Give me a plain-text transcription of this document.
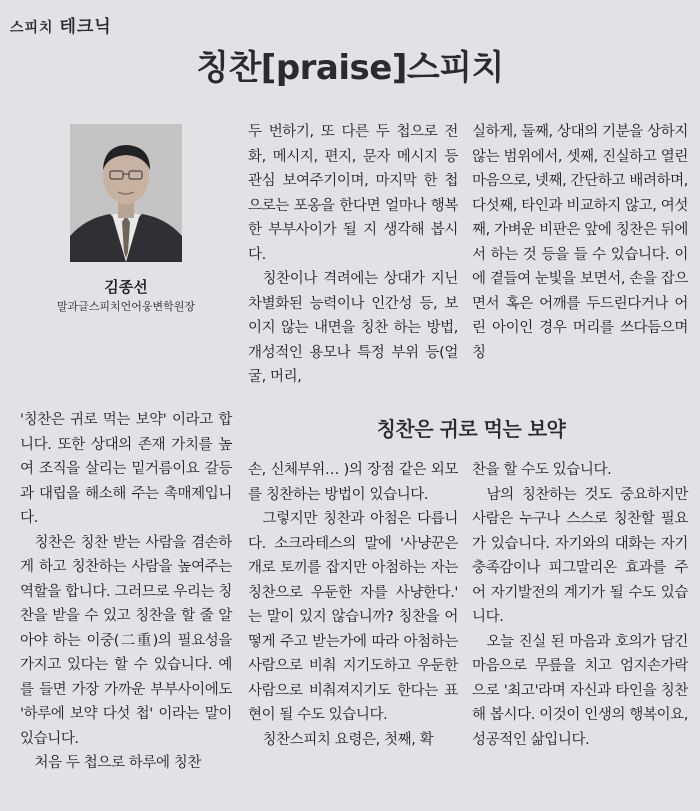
스피치 테크닉
칭찬[praise]스피치
김종선
말과글스피치언어웅변학원장

두 번하기, 또 다른 두 첩으로 전화, 메시지, 편지, 문자 메시지 등 관심 보여주기이며, 마지막 한 첩으로는 포옹을 한다면 얼마나 행복한 부부사이가 될 지 생각해 봅시다.

칭찬이나 격려에는 상대가 지닌 차별화된 능력이나 인간성 등, 보이지 않는 내면을 칭찬 하는 방법, 개성적인 용모나 특정 부위 등(얼굴, 머리,

실하게, 둘째, 상대의 기분을 상하지 않는 범위에서, 셋째, 진실하고 열린 마음으로, 넷째, 간단하고 배려하며, 다섯째, 타인과 비교하지 않고, 여섯째, 가벼운 비판은 앞에 칭찬은 뒤에서 하는 것 등을 들 수 있습니다. 이에 곁들여 눈빛을 보면서, 손을 잡으면서 혹은 어깨를 두드린다거나 어린 아이인 경우 머리를 쓰다듬으며 칭

칭찬은 귀로 먹는 보약

'칭찬은 귀로 먹는 보약' 이라고 합니다. 또한 상대의 존재 가치를 높여 조직을 살리는 밑거름이요 갈등과 대립을 해소해 주는 촉매제입니다.

칭찬은 칭찬 받는 사람을 겸손하게 하고 칭찬하는 사람을 높여주는 역할을 합니다. 그러므로 우리는 칭찬을 받을 수 있고 칭찬을 할 줄 알아야 하는 이중(二重)의 필요성을 가지고 있다는 할 수 있습니다. 예를 들면 가장 가까운 부부사이에도 '하루에 보약 다섯 첩' 이라는 말이 있습니다.

처음 두 첩으로 하루에 칭찬

손, 신체부위… )의 장점 같은 외모를 칭찬하는 방법이 있습니다.

그렇지만 칭찬과 아첨은 다릅니다. 소크라테스의 말에 '사냥꾼은 개로 토끼를 잡지만 아첨하는 자는 칭찬으로 우둔한 자를 사냥한다.' 는 말이 있지 않습니까? 칭찬을 어떻게 주고 받는가에 따라 아첨하는 사람으로 비춰 지기도하고 우둔한 사람으로 비춰져지기도 한다는 표현이 될 수도 있습니다.

칭찬스피치 요령은, 첫째, 확

찬을 할 수도 있습니다.

남의 칭찬하는 것도 중요하지만 사람은 누구나 스스로 칭찬할 필요가 있습니다. 자기와의 대화는 자기 충족감이나 피그말리온 효과를 주어 자기발전의 계기가 될 수도 있습니다.

오늘 진실 된 마음과 호의가 담긴 마음으로 무릎을 치고 엄지손가락으로 '최고'라며 자신과 타인을 칭찬해 봅시다. 이것이 인생의 행복이요, 성공적인 삶입니다.
